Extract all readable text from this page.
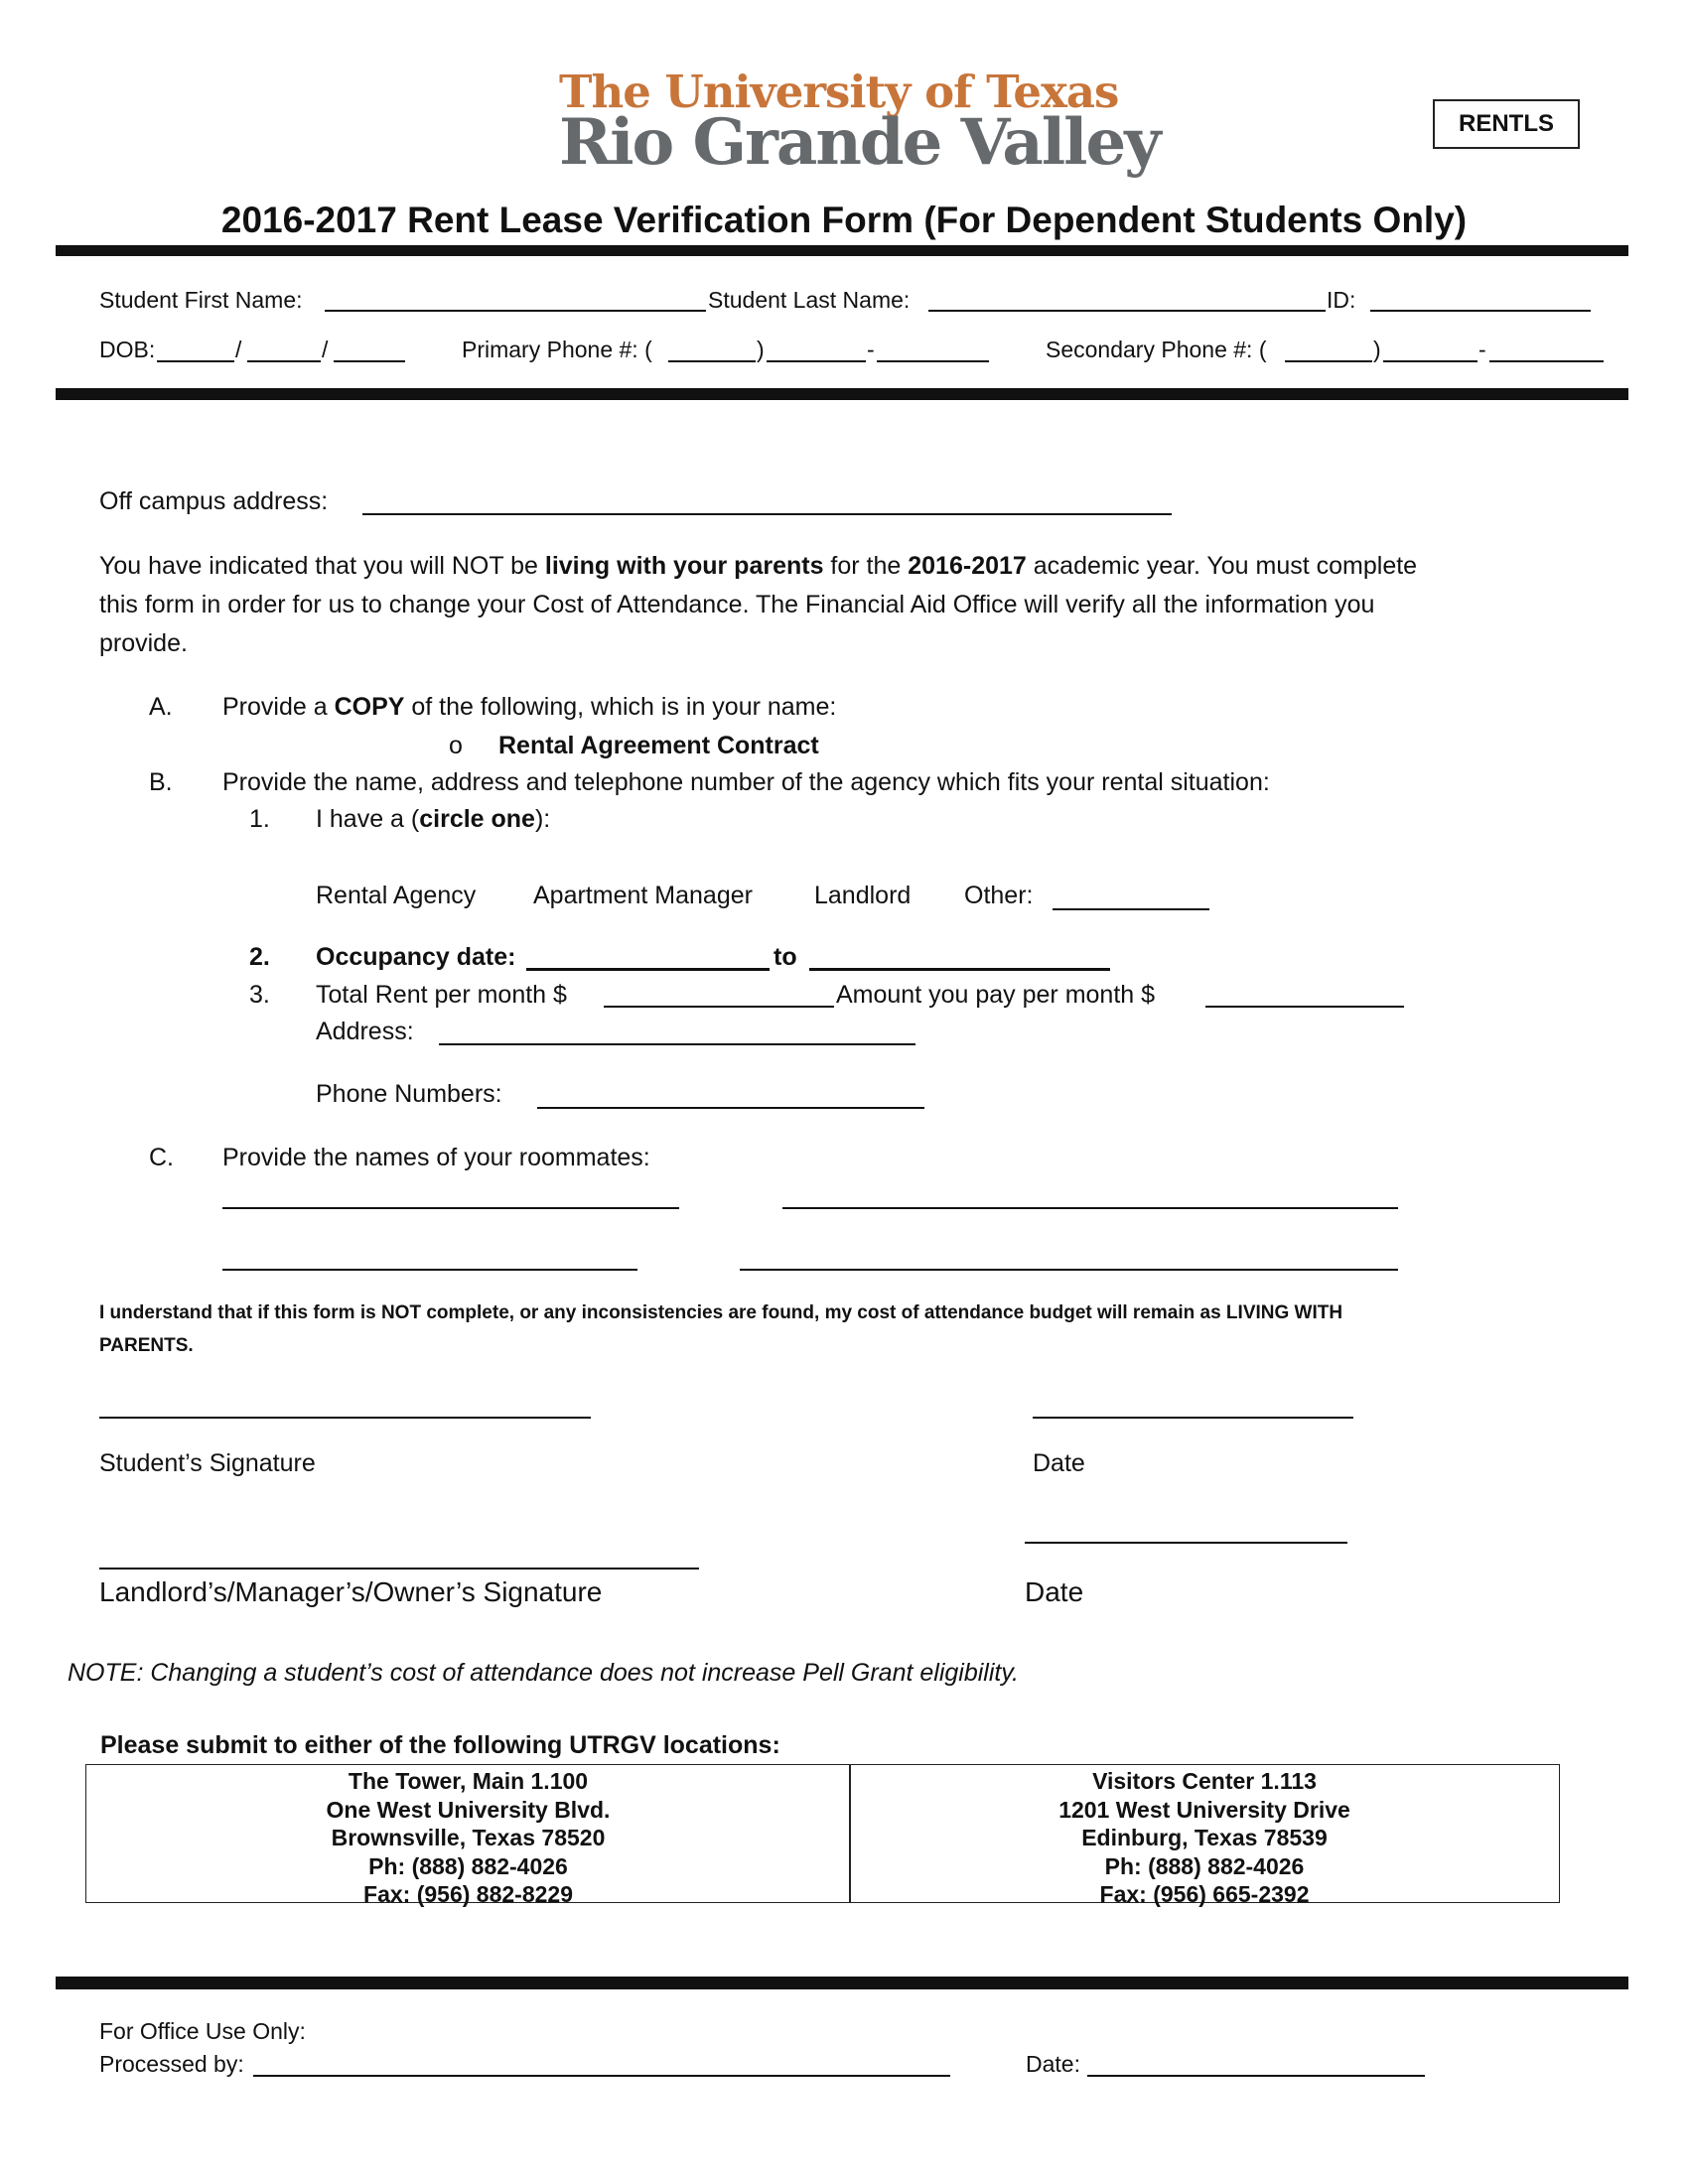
The University of Texas
Rio Grande Valley	RENTLS
2016-2017 Rent Lease Verification Form (For Dependent Students Only)
Student First Name:	Student Last Name:	ID:
DOB:	/	/	Primary Phone #: (	)	-	Secondary Phone #: (	)	-
Off campus address:
You have indicated that you will NOT be living with your parents for the 2016-2017 academic year. You must complete
this form in order for us to change your Cost of Attendance. The Financial Aid Office will verify all the information you
provide.
A. Provide a COPY of the following, which is in your name:
o Rental Agreement Contract
B. Provide the name, address and telephone number of the agency which fits your rental situation:
1. I have a (circle one):
Rental Agency Apartment Manager Landlord Other:
2. Occupancy date:	to
3. Total Rent per month $	Amount you pay per month $
Address:
Phone Numbers:
C. Provide the names of your roommates:
I understand that if this form is NOT complete, or any inconsistencies are found, my cost of attendance budget will remain as LIVING WITH
PARENTS.
Student’s Signature	Date
Landlord’s/Manager’s/Owner’s Signature	Date
NOTE: Changing a student’s cost of attendance does not increase Pell Grant eligibility.
Please submit to either of the following UTRGV locations:
The Tower, Main 1.100
One West University Blvd.
Brownsville, Texas 78520
Ph: (888) 882-4026
Fax: (956) 882-8229
Visitors Center 1.113
1201 West University Drive
Edinburg, Texas 78539
Ph: (888) 882-4026
Fax: (956) 665-2392
For Office Use Only:
Processed by:	Date:
